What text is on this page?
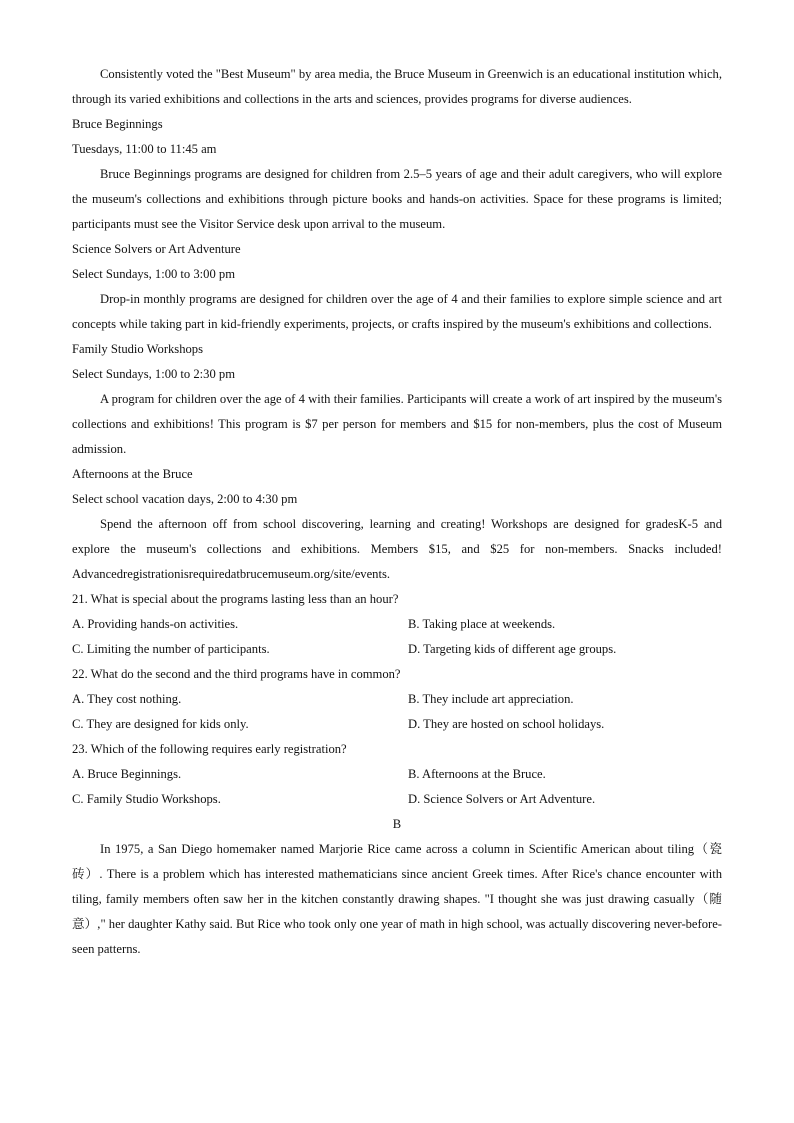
Consistently voted the "Best Museum" by area media, the Bruce Museum in Greenwich is an educational institution which, through its varied exhibitions and collections in the arts and sciences, provides programs for diverse audiences.
Bruce Beginnings
Tuesdays, 11:00 to 11:45 am
Bruce Beginnings programs are designed for children from 2.5–5 years of age and their adult caregivers, who will explore the museum's collections and exhibitions through picture books and hands-on activities. Space for these programs is limited; participants must see the Visitor Service desk upon arrival to the museum.
Science Solvers or Art Adventure
Select Sundays, 1:00 to 3:00 pm
Drop-in monthly programs are designed for children over the age of 4 and their families to explore simple science and art concepts while taking part in kid-friendly experiments, projects, or crafts inspired by the museum's exhibitions and collections.
Family Studio Workshops
Select Sundays, 1:00 to 2:30 pm
A program for children over the age of 4 with their families. Participants will create a work of art inspired by the museum's collections and exhibitions! This program is $7 per person for members and $15 for non-members, plus the cost of Museum admission.
Afternoons at the Bruce
Select school vacation days, 2:00 to 4:30 pm
Spend the afternoon off from school discovering, learning and creating! Workshops are designed for gradesK-5 and explore the museum's collections and exhibitions. Members $15, and $25 for non-members. Snacks included! Advancedregistrationisrequiredatbrucemuseum.org/site/events.
21. What is special about the programs lasting less than an hour?
A. Providing hands-on activities.	B. Taking place at weekends.
C. Limiting the number of participants.	D. Targeting kids of different age groups.
22. What do the second and the third programs have in common?
A. They cost nothing.	B. They include art appreciation.
C. They are designed for kids only.	D. They are hosted on school holidays.
23. Which of the following requires early registration?
A. Bruce Beginnings.	B. Afternoons at the Bruce.
C. Family Studio Workshops.	D. Science Solvers or Art Adventure.
B
In 1975, a San Diego homemaker named Marjorie Rice came across a column in Scientific American about tiling（瓷砖）. There is a problem which has interested mathematicians since ancient Greek times. After Rice's chance encounter with tiling, family members often saw her in the kitchen constantly drawing shapes. "I thought she was just drawing casually（随意）," her daughter Kathy said. But Rice who took only one year of math in high school, was actually discovering never-before-seen patterns.
